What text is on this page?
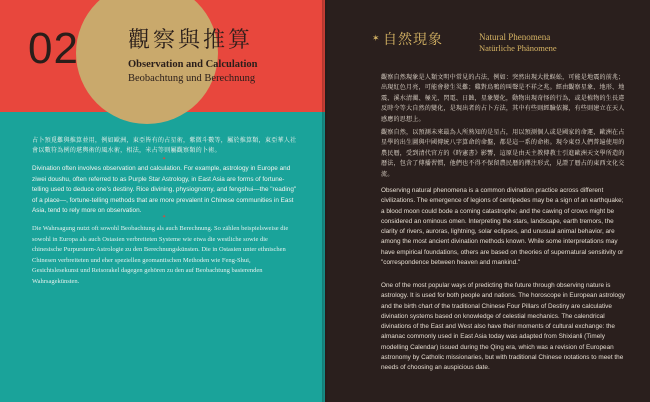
02 觀察與推算
Observation and Calculation
Beobachtung und Berechnung
占卜預覓難與推算並用，例如歐洲，東亞皆有的占星術，紫微斗數等，屬於推算類，東亞華人社會以數符為例的堪輿術的風水術，相法，米占等則屬觀察類的卜術。
✦
Divination often involves observation and calculation. For example, astrology in Europe and ziwei doushu, often referred to as Purple Star Astrology, in East Asia are forms of fortune-telling used to deduce one's destiny. Rice divining, physiognomy, and fengshui—the "reading" of a place—, fortune-telling methods that are more prevalent in Chinese communities in East Asia, tend to rely more on observation.
✦
Die Wahrsagung nutzt oft sowohl Beobachtung als auch Berechnung. So zählen beispielsweise die sowohl in Europa als auch Ostasien verbreiteten Systeme wie etwa die westliche sowie die chinesische Purpurstern-Astrologie zu den Berechnungskünsten. Die in Ostasien unter ethnischen Chinesen verbreiteten und eher speziellen geomantischen Methoden wie Feng-Shui, Gesichtslesekunst und Reisorakel dagegen gehören zu den auf Beobachtung basierenden Wahrsagekünsten.
✶ 自然現象	Natural Phenomena
Natürliche Phänomene
觀察自然現象是人類文明中常見的占法，例如：突然出現大批蜈蚣，可能是地震的前兆；出現紅色月亮，可能會發生災難；雞對烏鴉的叫聲是不祥之兆。經由觀察星象、地形、地震、溪水清濁、極光、閃電、日蝕，星象變化，動物出現奇怪的行為，或是植物的生長違反時令等大自然的變化，是現出者的占卜方法，其中有些則經驗依據，有些則建立在天人感應的思想上。
觀察自然，以預測未來最為人所熟知的是星占，用以預測個人或是國家的命運，歐洲在占星學的出生圖與中國傳統八字算命的命盤，都是這一系的命術。現今東亞人們普遍使用的農民曆，受到清代官方的《時憲書》影響，這原是由天主教傳教士引進歐洲天文學所造的曆法，包含了傳播習慣，他們也不得不保留農民曆的擇注形式，見證了曆占的東西文化交流。
Observing natural phenomena is a common divination practice across different civilizations. The emergence of legions of centipedes may be a sign of an earthquake; a blood moon could bode a coming catastrophe; and the cawing of crows might be considered an ominous omen. Interpreting the stars, landscape, earth tremors, the clarity of rivers, auroras, lightning, solar eclipses, and unusual animal behavior, are among the most ancient divination methods known. While some interpretations may have empirical foundations, others are based on theories of supernatural sensitivity or "correspondence between heaven and mankind."
One of the most popular ways of predicting the future through observing nature is astrology. It is used for both people and nations. The horoscope in European astrology and the birth chart of the traditional Chinese Four Pillars of Destiny are calculative divination systems based on knowledge of celestial mechanics. The calendrical divinations of the East and West also have their moments of cultural exchange: the almanac commonly used in East Asia today was adapted from Shixianli (Timely modelling Calendar) issued during the Qing era, which was a revision of European astronomy by Catholic missionaries, but with traditional Chinese notations to meet the needs of choosing an auspicious date.
